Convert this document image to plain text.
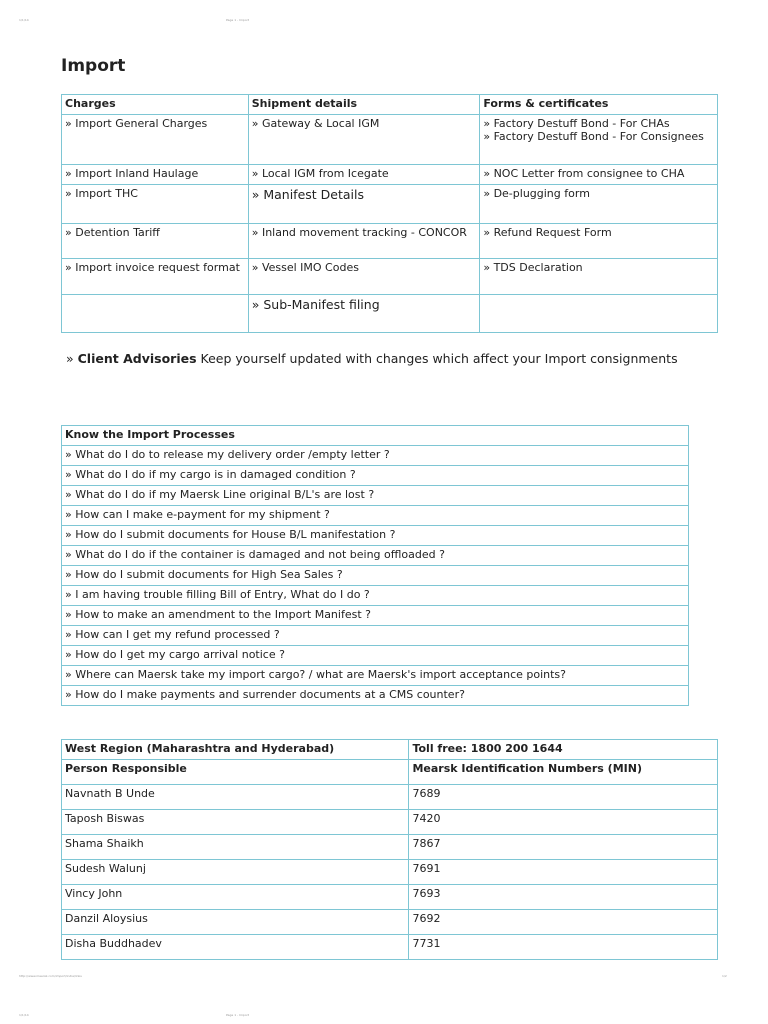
1/1/14	Page 1 - Import
Import
Charges	Shipment details	Forms & certificates
» Import General Charges	» Gateway & Local IGM	» Factory Destuff Bond - For CHAs
» Factory Destuff Bond - For Consignees
» Import Inland Haulage	» Local IGM from Icegate	» NOC Letter from consignee to CHA
» Import THC	» Manifest Details	» De-plugging form
» Detention Tariff	» Inland movement tracking - CONCOR	» Refund Request Form
» Import invoice request format	» Vessel IMO Codes	» TDS Declaration
	» Sub-Manifest filing	
» Client Advisories Keep yourself updated with changes which affect your Import consignments
Know the Import Processes
» What do I do to release my delivery order /empty letter ?
» What do I do if my cargo is in damaged condition ?
» What do I do if my Maersk Line original B/L's are lost ?
» How can I make e-payment for my shipment ?
» How do I submit documents for House B/L manifestation ?
» What do I do if the container is damaged and not being offloaded ?
» How do I submit documents for High Sea Sales ?
» I am having trouble filling Bill of Entry, What do I do ?
» How to make an amendment to the Import Manifest ?
» How can I get my refund processed ?
» How do I get my cargo arrival notice ?
» Where can Maersk take my import cargo? / what are Maersk's import acceptance points?
» How do I make payments and surrender documents at a CMS counter?
West Region (Maharashtra and Hyderabad)	Toll free: 1800 200 1644
Person Responsible	Mearsk Identification Numbers (MIN)
Navnath B Unde	7689
Taposh Biswas	7420
Shama Shaikh	7867
Sudesh Walunj	7691
Vincy John	7693
Danzil Aloysius	7692
Disha Buddhadev	7731
http://www.maersk.com/import/india/links	1/2
1/1/14	Page 1 - Import
